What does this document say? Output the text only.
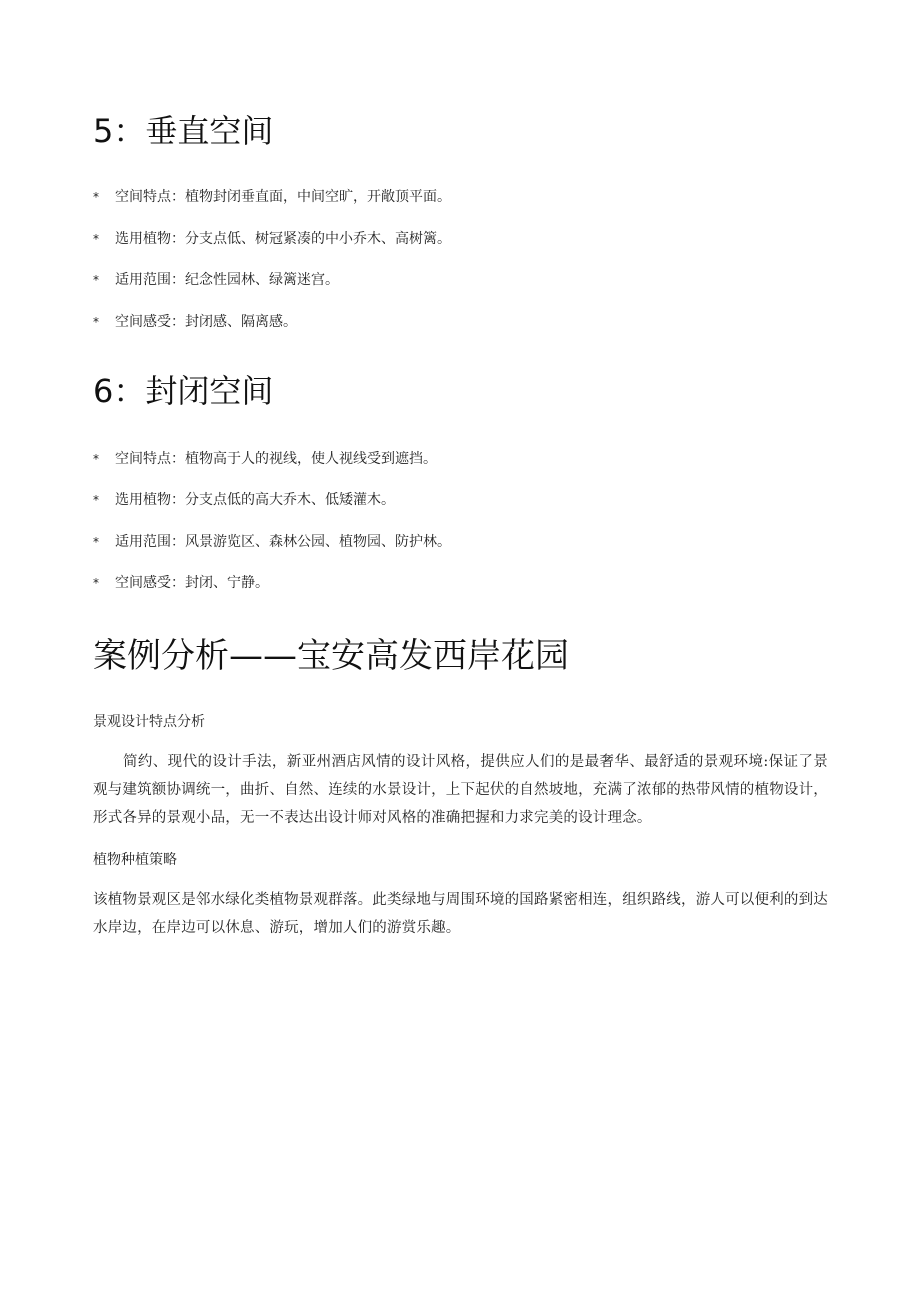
5：垂直空间
* 空间特点：植物封闭垂直面，中间空旷，开敞顶平面。
* 选用植物：分支点低、树冠紧凑的中小乔木、高树篱。
* 适用范围：纪念性园林、绿篱迷宫。
* 空间感受：封闭感、隔离感。
6：封闭空间
* 空间特点：植物高于人的视线，使人视线受到遮挡。
* 选用植物：分支点低的高大乔木、低矮灌木。
* 适用范围：风景游览区、森林公园、植物园、防护林。
* 空间感受：封闭、宁静。
案例分析——宝安高发西岸花园
景观设计特点分析

简约、现代的设计手法，新亚州酒店风情的设计风格，提供应人们的是最奢华、最舒适的景观环境:保证了景观与建筑额协调统一，曲折、自然、连续的水景设计，上下起伏的自然坡地，充满了浓郁的热带风情的植物设计，形式各异的景观小品，无一不表达出设计师对风格的准确把握和力求完美的设计理念。

植物种植策略

该植物景观区是邻水绿化类植物景观群落。此类绿地与周围环境的国路紧密相连，组织路线，游人可以便利的到达水岸边，在岸边可以休息、游玩，增加人们的游赏乐趣。
